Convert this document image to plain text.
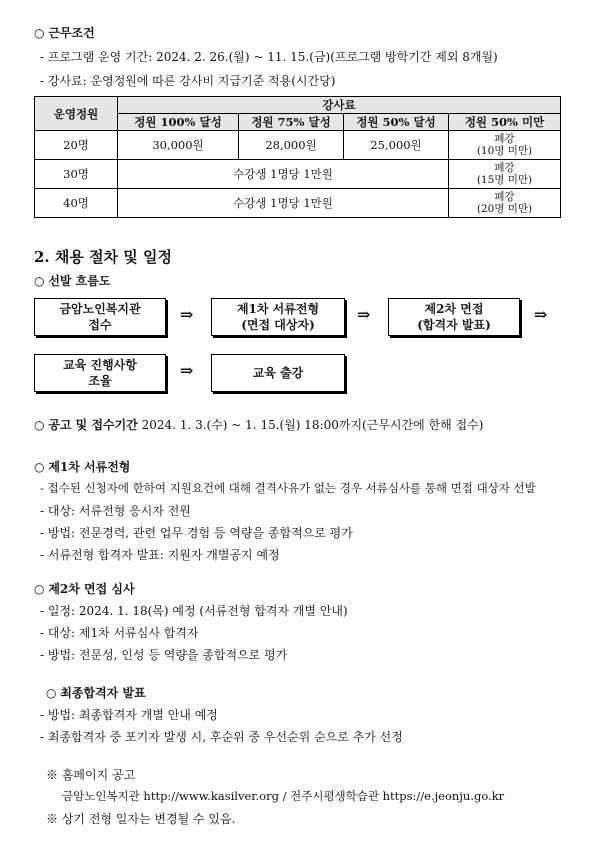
○ 근무조건
- 프로그램 운영 기간: 2024. 2. 26.(월) ~ 11. 15.(금)(프로그램 방학기간 제외 8개월)
- 강사료: 운영정원에 따른 강사비 지급기준 적용(시간당)
운영정원	강사료			
	정원 100% 달성	정원 75% 달성	정원 50% 달성	정원 50% 미만
20명	30,000원	28,000원	25,000원	폐강
(10명 미만)

30명	수강생 1명당 1만원			폐강
(15명 미만)

40명	수강생 1명당 1만원			폐강
(20명 미만)
2. 채용 절차 및 일정
○ 선발 흐름도
금암노인복지관
접수
⇒	제1차 서류전형
(면접 대상자)
⇒	제2차 면접
(합격자 발표)
⇒
교육 진행사항
조율
⇒	교육 출강
○ 공고 및 접수기간 2024. 1. 3.(수) ~ 1. 15.(월) 18:00까지(근무시간에 한해 접수)
○ 제1차 서류전형
- 접수된 신청자에 한하여 지원요건에 대해 결격사유가 없는 경우 서류심사를 통해 면접 대상자 선발
- 대상: 서류전형 응시자 전원
- 방법: 전문경력, 관련 업무 경험 등 역량을 종합적으로 평가
- 서류전형 합격자 발표: 지원자 개별공지 예정
○ 제2차 면접 심사
- 일정: 2024. 1. 18(목) 예정 (서류전형 합격자 개별 안내)
- 대상: 제1차 서류심사 합격자
- 방법: 전문성, 인성 등 역량을 종합적으로 평가
○ 최종합격자 발표
- 방법: 최종합격자 개별 안내 예정
- 최종합격자 중 포기자 발생 시, 후순위 중 우선순위 순으로 추가 선정
※ 홈페이지 공고
금암노인복지관 http://www.kasilver.org / 전주시평생학습관 https://e.jeonju.go.kr
※ 상기 전형 일자는 변경될 수 있음.
